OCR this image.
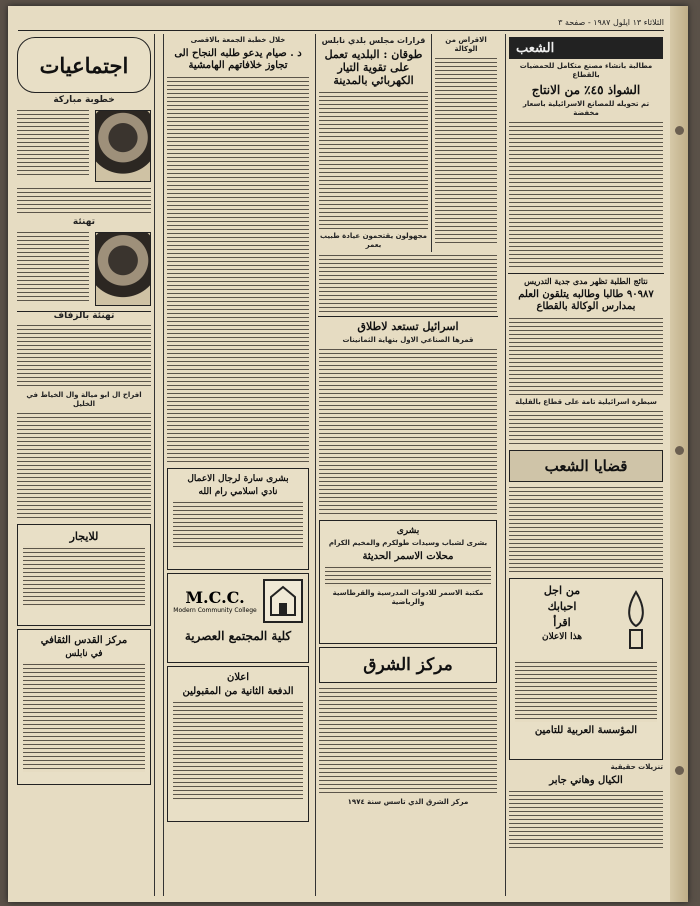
الثلاثاء ١٣ ايلول ١٩٨٧ - صفحة ٣
الشعب
مطالبة بانشاء مصنع متكامل للحمضيات بالقطاع
الشواذ ٤٥٪ من الانتاج
تم تحويله للمصانع الاسرائيلية باسعار مخفضة
نتائج الطلبة تظهر مدى جدية التدريس
٩٠٩٨٧ طالبا وطالبه يتلقون العلم بمدارس الوكالة بالقطاع
سيطرة اسرائيلية تامة على قطاع بالقليلة
قضايا الشعب
من اجل
احبابك
اقرأ
هذا الاعلان
المؤسسة العربية للتامين
تنزيلات حقيقية
الكيال وهاني جابر
الاقراض من الوكالة
قرارات مجلس بلدي نابلس
طوقان : البلديه تعمل على تقوية التيار الكهربائي بالمدينة
مجهولون يقتحمون عيادة طبيب بعمر
اسرائيل تستعد لاطلاق
قمرها الصناعي الاول بنهاية الثمانينات
بشرى
بشرى لشباب وسيدات طولكرم والمخيم الكرام
محلات الاسمر الحديثة
مكتبة الاسمر للادوات المدرسية والقرطاسية والرياضية
مركز الشرق
مركز الشرق الذي تاسس سنة ١٩٧٤
خلال خطبة الجمعة بالاقصى
د . صيام يدعو طلبه النجاح الى تجاوز خلافاتهم الهامشية
بشرى سارة لرجال الاعمال
نادي اسلامي رام الله
M.C.C.
Modern Community College
كلية المجتمع العصرية
اعلان
الدفعة الثانية من المقبولين
اجتماعيات
خطوبة مباركة
تهنئة
تهنئة بالزفاف
افراح ال ابو ميالة وال الخياط في الخليل
للايجار
مركز القدس الثقافي
في نابلس
